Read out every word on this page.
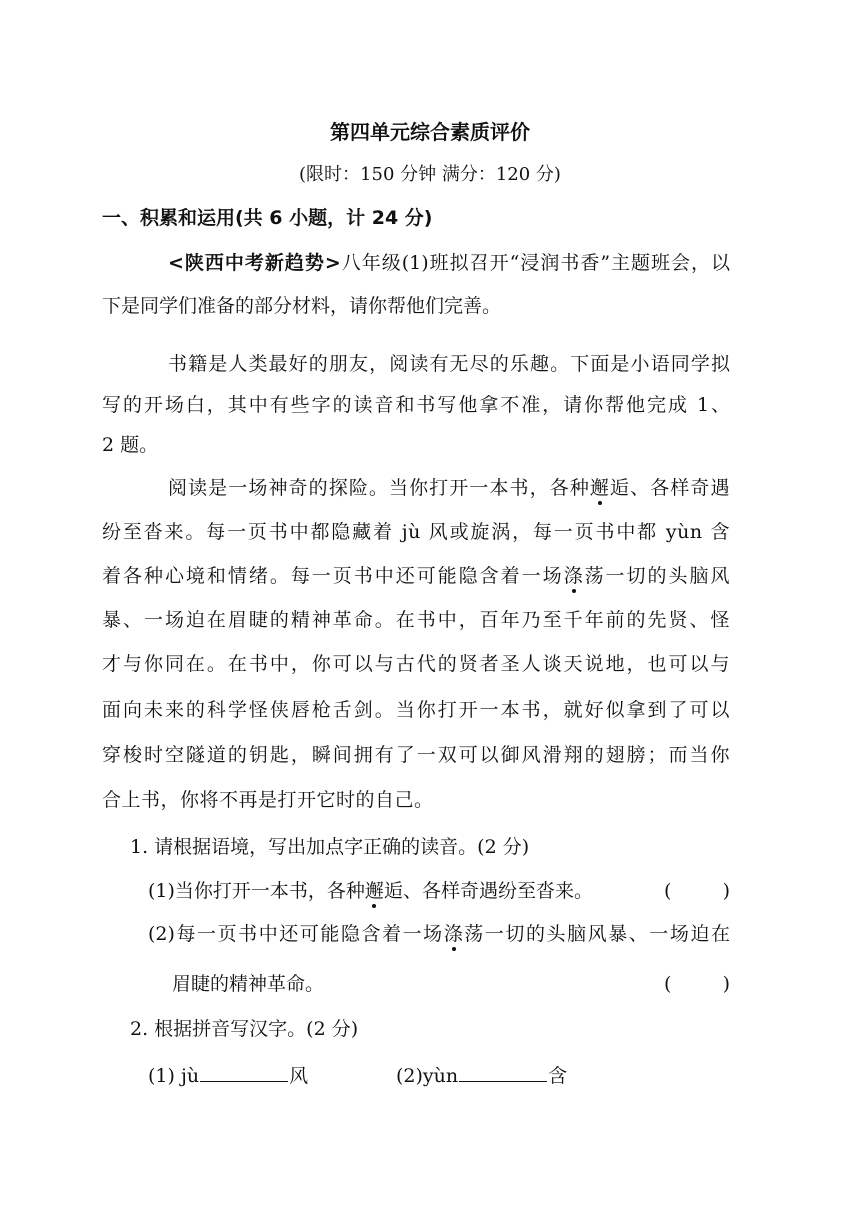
第四单元综合素质评价
(限时：150 分钟 满分：120 分)

一、积累和运用(共 6 小题，计 24 分)

<陕西中考新趋势>八年级(1)班拟召开“浸润书香”主题班会，以

下是同学们准备的部分材料，请你帮他们完善。

书籍是人类最好的朋友，阅读有无尽的乐趣。下面是小语同学拟

写的开场白，其中有些字的读音和书写他拿不准，请你帮他完成 1、

2 题。

阅读是一场神奇的探险。当你打开一本书，各种邂逅、各样奇遇

纷至沓来。每一页书中都隐藏着 jù 风或旋涡，每一页书中都 yùn 含

着各种心境和情绪。每一页书中还可能隐含着一场涤荡一切的头脑风

暴、一场迫在眉睫的精神革命。在书中，百年乃至千年前的先贤、怪

才与你同在。在书中，你可以与古代的贤者圣人谈天说地，也可以与

面向未来的科学怪侠唇枪舌剑。当你打开一本书，就好似拿到了可以

穿梭时空隧道的钥匙，瞬间拥有了一双可以御风滑翔的翅膀；而当你

合上书，你将不再是打开它时的自己。

1. 请根据语境，写出加点字正确的读音。(2 分)

(1)当你打开一本书，各种邂逅、各样奇遇纷至沓来。	( )

(2)每一页书中还可能隐含着一场涤荡一切的头脑风暴、一场迫在

眉睫的精神革命。	( )

2. 根据拼音写汉字。(2 分)

(1) jù	风	(2)yùn	含
